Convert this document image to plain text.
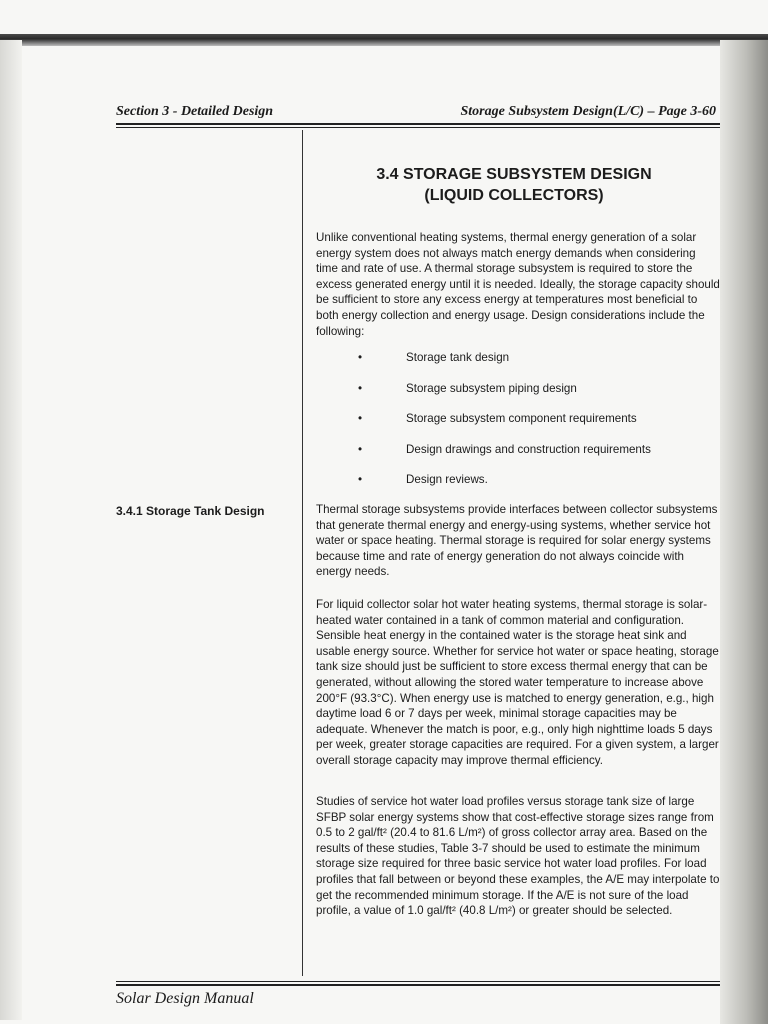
Section 3 - Detailed Design	Storage Subsystem Design(L/C) – Page 3-60
3.4 STORAGE SUBSYSTEM DESIGN
(LIQUID COLLECTORS)

Unlike conventional heating systems, thermal energy generation of a solar energy system does not always match energy demands when considering time and rate of use. A thermal storage subsystem is required to store the excess generated energy until it is needed. Ideally, the storage capacity should be sufficient to store any excess energy at temperatures most beneficial to both energy collection and energy usage. Design considerations include the following:

•	Storage tank design
•	Storage subsystem piping design
•	Storage subsystem component requirements
•	Design drawings and construction requirements
•	Design reviews.
3.4.1 Storage Tank Design	Thermal storage subsystems provide interfaces between collector subsystems that generate thermal energy and energy-using systems, whether service hot water or space heating. Thermal storage is required for solar energy systems because time and rate of energy generation do not always coincide with energy needs.

For liquid collector solar hot water heating systems, thermal storage is solar-heated water contained in a tank of common material and configuration. Sensible heat energy in the contained water is the storage heat sink and usable energy source. Whether for service hot water or space heating, storage tank size should just be sufficient to store excess thermal energy that can be generated, without allowing the stored water temperature to increase above 200°F (93.3°C). When energy use is matched to energy generation, e.g., high daytime load 6 or 7 days per week, minimal storage capacities may be adequate. Whenever the match is poor, e.g., only high nighttime loads 5 days per week, greater storage capacities are required. For a given system, a larger overall storage capacity may improve thermal efficiency.

Studies of service hot water load profiles versus storage tank size of large SFBP solar energy systems show that cost-effective storage sizes range from 0.5 to 2 gal/ft² (20.4 to 81.6 L/m²) of gross collector array area. Based on the results of these studies, Table 3-7 should be used to estimate the minimum storage size required for three basic service hot water load profiles. For load profiles that fall between or beyond these examples, the A/E may interpolate to get the recommended minimum storage. If the A/E is not sure of the load profile, a value of 1.0 gal/ft² (40.8 L/m²) or greater should be selected.

Solar Design Manual
